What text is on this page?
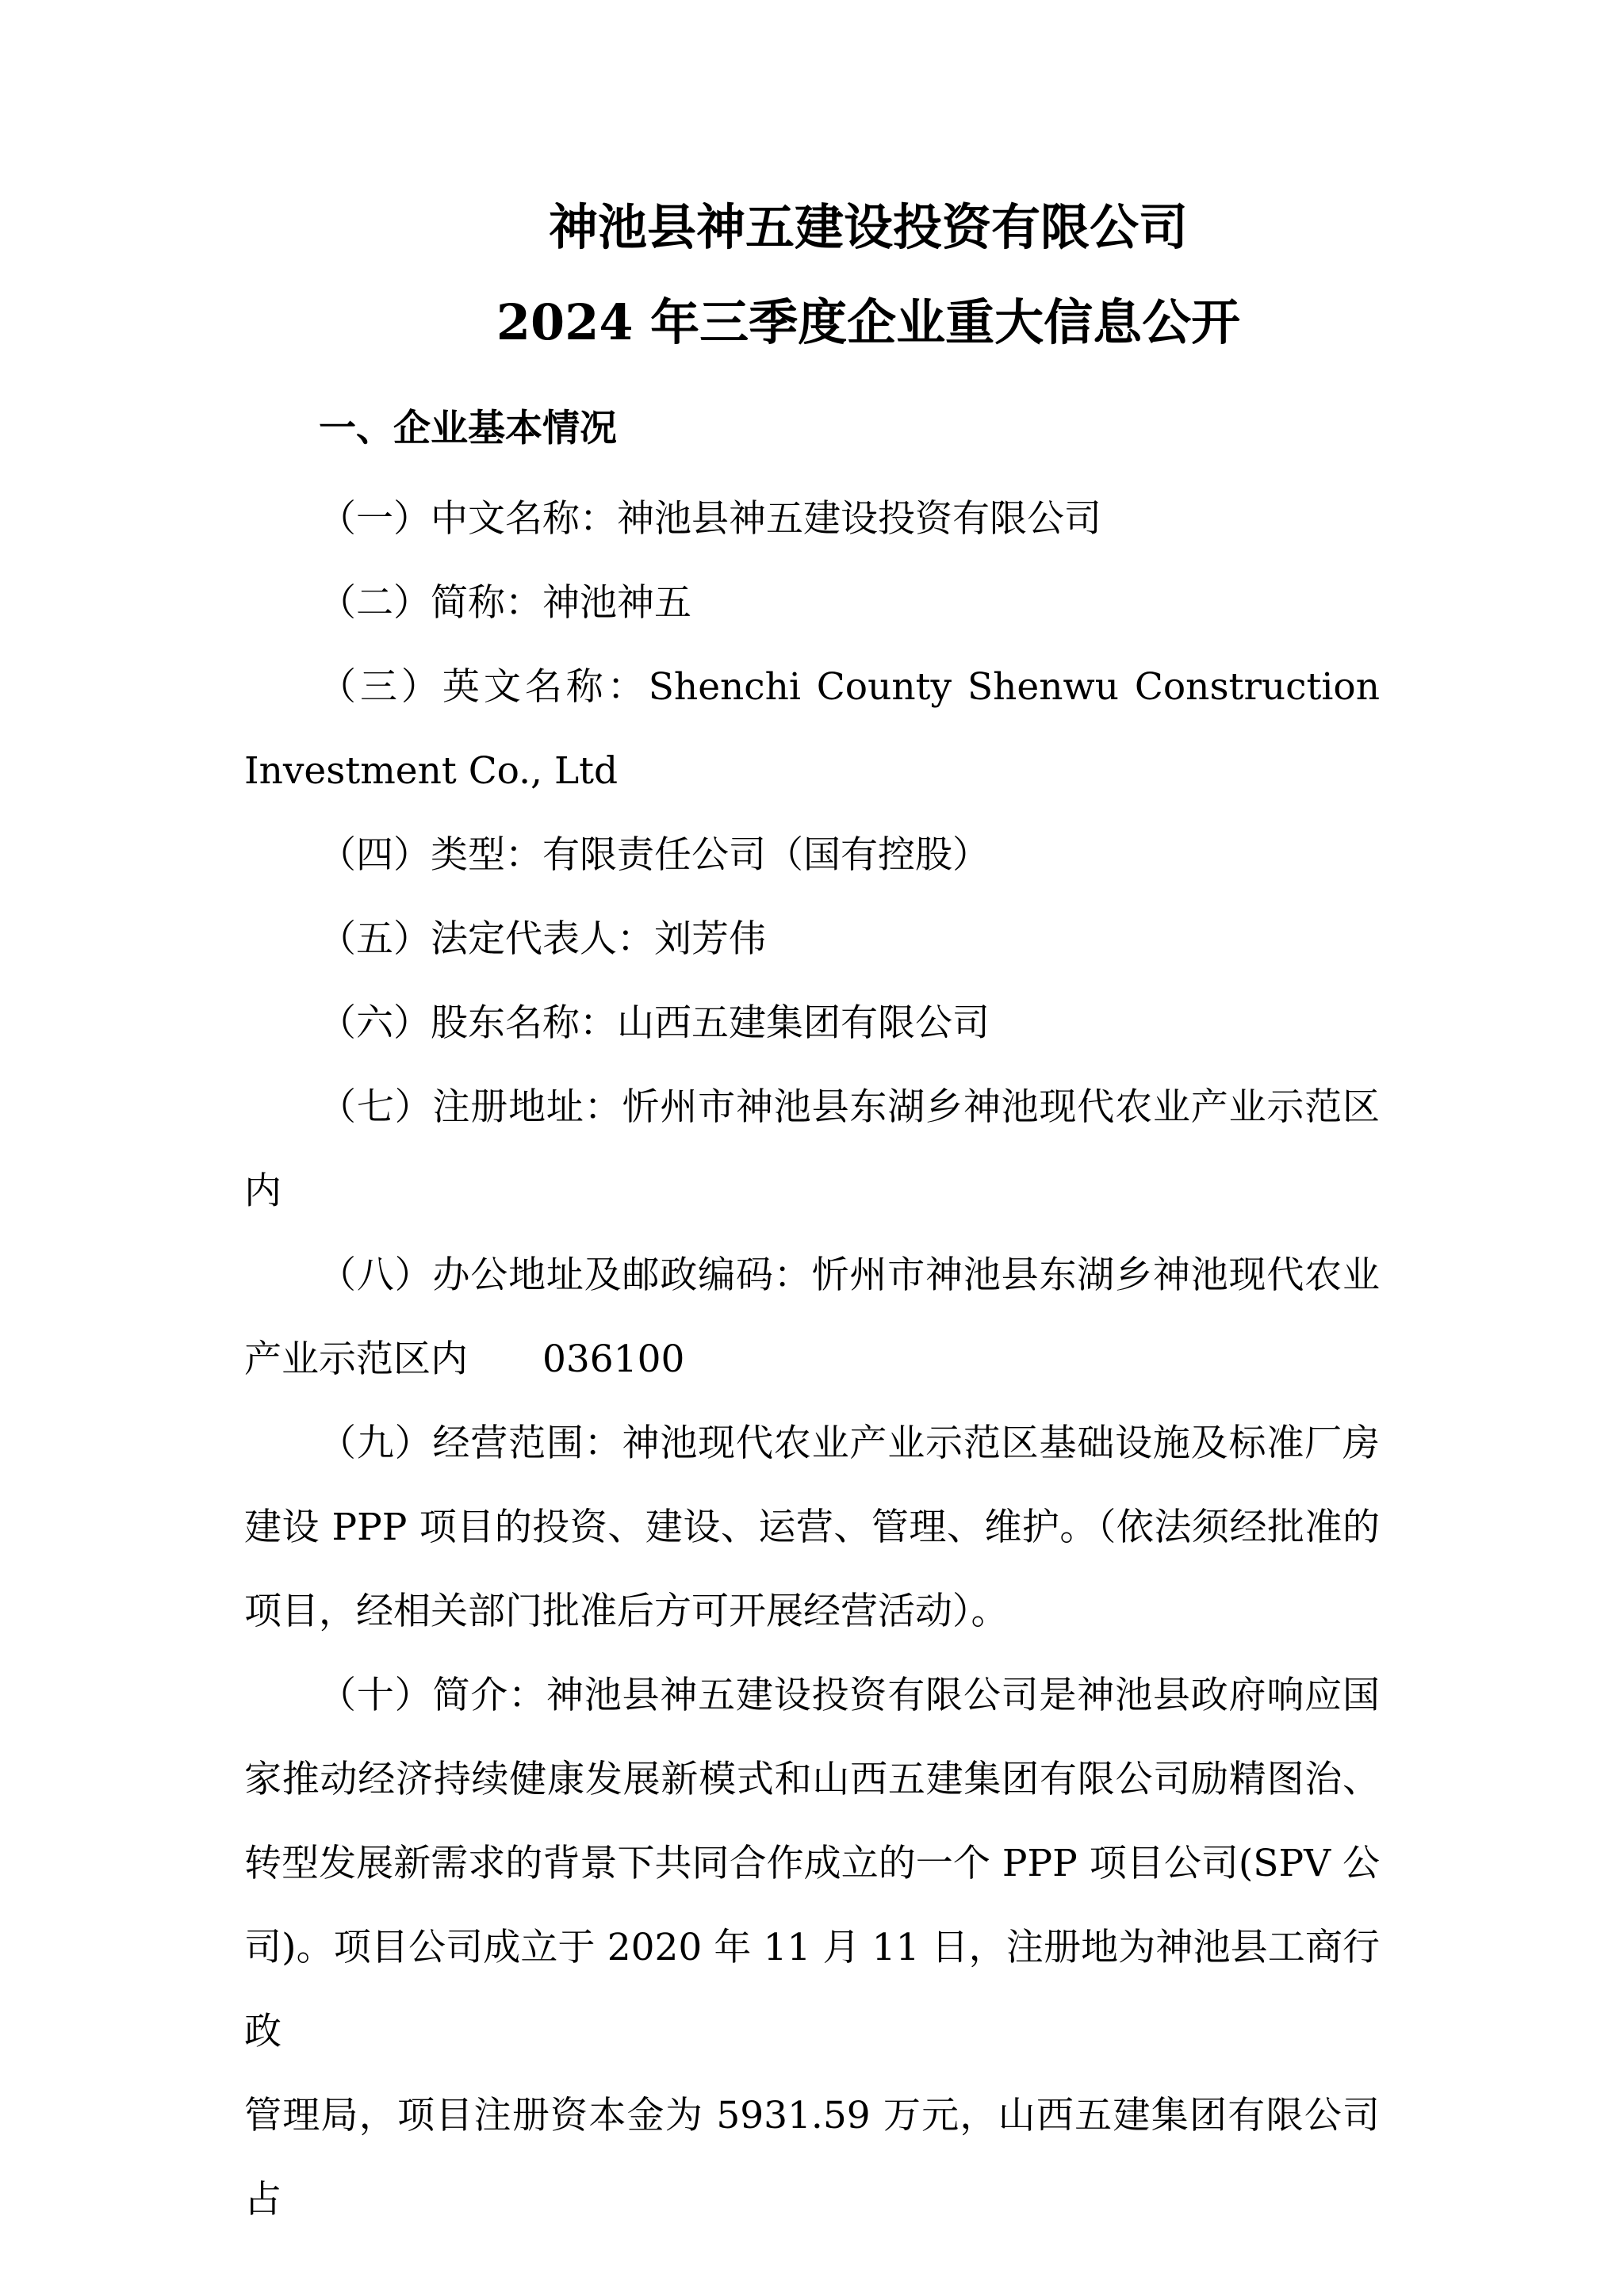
神池县神五建设投资有限公司
2024 年三季度企业重大信息公开
一、企业基本情况
（一）中文名称：神池县神五建设投资有限公司
（二）简称：神池神五
（三）英文名称：Shenchi County Shenwu Construction
Investment Co., Ltd
（四）类型：有限责任公司（国有控股）
（五）法定代表人：刘芳伟
（六）股东名称：山西五建集团有限公司
（七）注册地址：忻州市神池县东湖乡神池现代农业产业示范区
内
（八）办公地址及邮政编码：忻州市神池县东湖乡神池现代农业
产业示范区内　　036100
（九）经营范围：神池现代农业产业示范区基础设施及标准厂房
建设 PPP 项目的投资、建设、运营、管理、维护。（依法须经批准的
项目，经相关部门批准后方可开展经营活动）。
（十）简介：神池县神五建设投资有限公司是神池县政府响应国
家推动经济持续健康发展新模式和山西五建集团有限公司励精图治、
转型发展新需求的背景下共同合作成立的一个 PPP 项目公司(SPV 公
司)。项目公司成立于 2020 年 11 月 11 日，注册地为神池县工商行政
管理局，项目注册资本金为 5931.59 万元，山西五建集团有限公司占
